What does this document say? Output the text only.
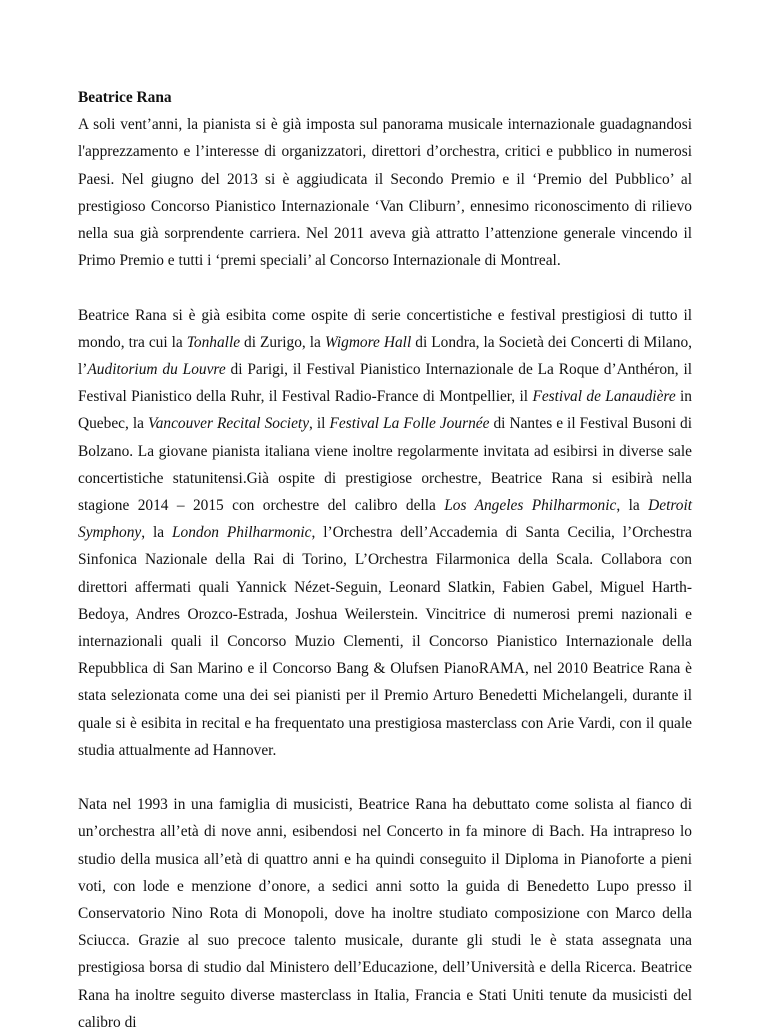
Beatrice Rana

A soli vent’anni, la pianista si è già imposta sul panorama musicale internazionale guadagnandosi l'apprezzamento e l’interesse di organizzatori, direttori d’orchestra, critici e pubblico in numerosi Paesi. Nel giugno del 2013 si è aggiudicata il Secondo Premio e il ‘Premio del Pubblico’ al prestigioso Concorso Pianistico Internazionale ‘Van Cliburn’, ennesimo riconoscimento di rilievo nella sua già sorprendente carriera. Nel 2011 aveva già attratto l’attenzione generale vincendo il Primo Premio e tutti i ‘premi speciali’ al Concorso Internazionale di Montreal.

Beatrice Rana si è già esibita come ospite di serie concertistiche e festival prestigiosi di tutto il mondo, tra cui la Tonhalle di Zurigo, la Wigmore Hall di Londra, la Società dei Concerti di Milano, l’Auditorium du Louvre di Parigi, il Festival Pianistico Internazionale de La Roque d’Anthéron, il Festival Pianistico della Ruhr, il Festival Radio-France di Montpellier, il Festival de Lanaudière in Quebec, la Vancouver Recital Society, il Festival La Folle Journée di Nantes e il Festival Busoni di Bolzano. La giovane pianista italiana viene inoltre regolarmente invitata ad esibirsi in diverse sale concertistiche statunitensi.Già ospite di prestigiose orchestre, Beatrice Rana si esibirà nella stagione 2014 – 2015 con orchestre del calibro della Los Angeles Philharmonic, la Detroit Symphony, la London Philharmonic, l’Orchestra dell’Accademia di Santa Cecilia, l’Orchestra Sinfonica Nazionale della Rai di Torino, L’Orchestra Filarmonica della Scala. Collabora con direttori affermati quali Yannick Nézet-Seguin, Leonard Slatkin, Fabien Gabel, Miguel Harth-Bedoya, Andres Orozco-Estrada, Joshua Weilerstein. Vincitrice di numerosi premi nazionali e internazionali quali il Concorso Muzio Clementi, il Concorso Pianistico Internazionale della Repubblica di San Marino e il Concorso Bang & Olufsen PianoRAMA, nel 2010 Beatrice Rana è stata selezionata come una dei sei pianisti per il Premio Arturo Benedetti Michelangeli, durante il quale si è esibita in recital e ha frequentato una prestigiosa masterclass con Arie Vardi, con il quale studia attualmente ad Hannover.

Nata nel 1993 in una famiglia di musicisti, Beatrice Rana ha debuttato come solista al fianco di un’orchestra all’età di nove anni, esibendosi nel Concerto in fa minore di Bach. Ha intrapreso lo studio della musica all’età di quattro anni e ha quindi conseguito il Diploma in Pianoforte a pieni voti, con lode e menzione d’onore, a sedici anni sotto la guida di Benedetto Lupo presso il Conservatorio Nino Rota di Monopoli, dove ha inoltre studiato composizione con Marco della Sciucca. Grazie al suo precoce talento musicale, durante gli studi le è stata assegnata una prestigiosa borsa di studio dal Ministero dell’Educazione, dell’Università e della Ricerca. Beatrice Rana ha inoltre seguito diverse masterclass in Italia, Francia e Stati Uniti tenute da musicisti del calibro di
